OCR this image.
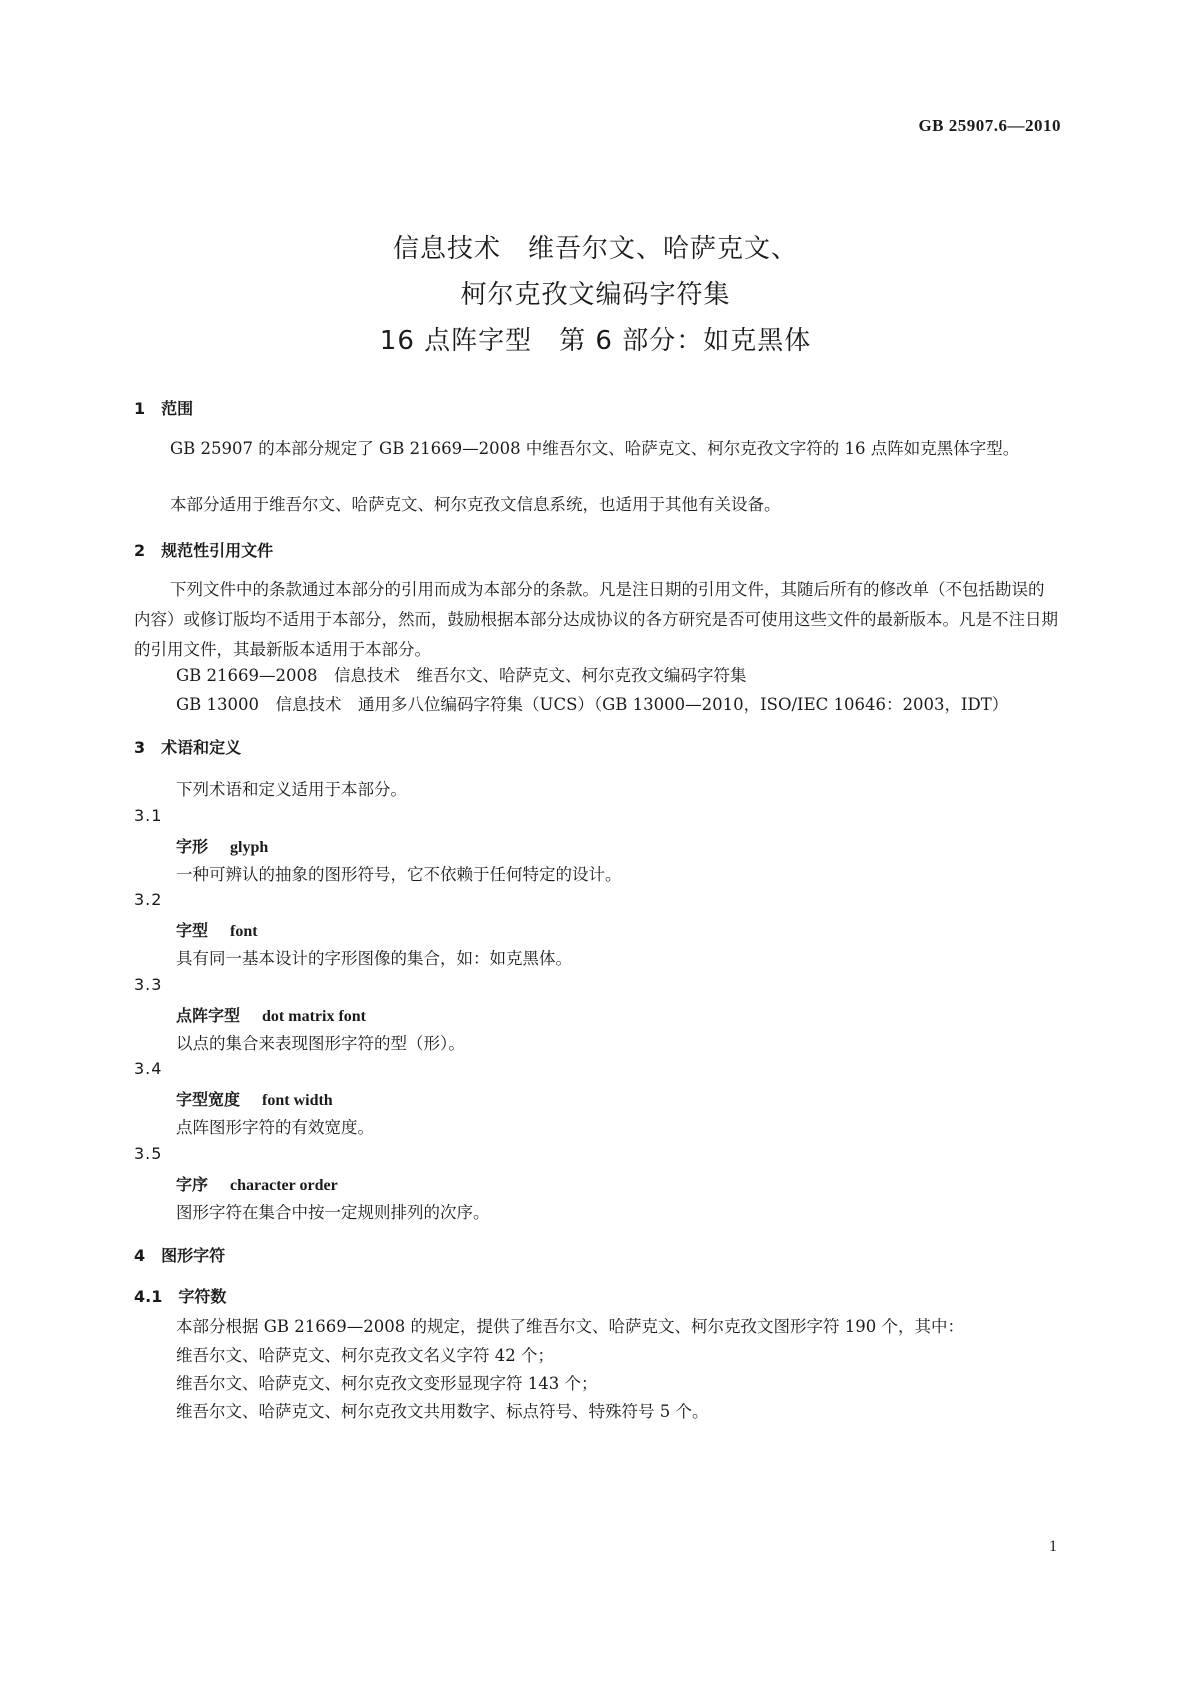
GB 25907.6—2010
信息技术　维吾尔文、哈萨克文、
柯尔克孜文编码字符集
16 点阵字型　第 6 部分：如克黑体
1　范围
GB 25907 的本部分规定了 GB 21669—2008 中维吾尔文、哈萨克文、柯尔克孜文字符的 16 点阵如克黑体字型。
本部分适用于维吾尔文、哈萨克文、柯尔克孜文信息系统，也适用于其他有关设备。
2　规范性引用文件
下列文件中的条款通过本部分的引用而成为本部分的条款。凡是注日期的引用文件，其随后所有的修改单（不包括勘误的内容）或修订版均不适用于本部分，然而，鼓励根据本部分达成协议的各方研究是否可使用这些文件的最新版本。凡是不注日期的引用文件，其最新版本适用于本部分。
GB 21669—2008　信息技术　维吾尔文、哈萨克文、柯尔克孜文编码字符集
GB 13000　信息技术　通用多八位编码字符集（UCS）（GB 13000—2010，ISO/IEC 10646：2003，IDT）
3　术语和定义
下列术语和定义适用于本部分。
3.1
字形 glyph
一种可辨认的抽象的图形符号，它不依赖于任何特定的设计。
3.2
字型 font
具有同一基本设计的字形图像的集合，如：如克黑体。
3.3
点阵字型 dot matrix font
以点的集合来表现图形字符的型（形）。
3.4
字型宽度 font width
点阵图形字符的有效宽度。
3.5
字序 character order
图形字符在集合中按一定规则排列的次序。
4　图形字符
4.1　字符数
本部分根据 GB 21669—2008 的规定，提供了维吾尔文、哈萨克文、柯尔克孜文图形字符 190 个，其中：
维吾尔文、哈萨克文、柯尔克孜文名义字符 42 个；
维吾尔文、哈萨克文、柯尔克孜文变形显现字符 143 个；
维吾尔文、哈萨克文、柯尔克孜文共用数字、标点符号、特殊符号 5 个。
1
